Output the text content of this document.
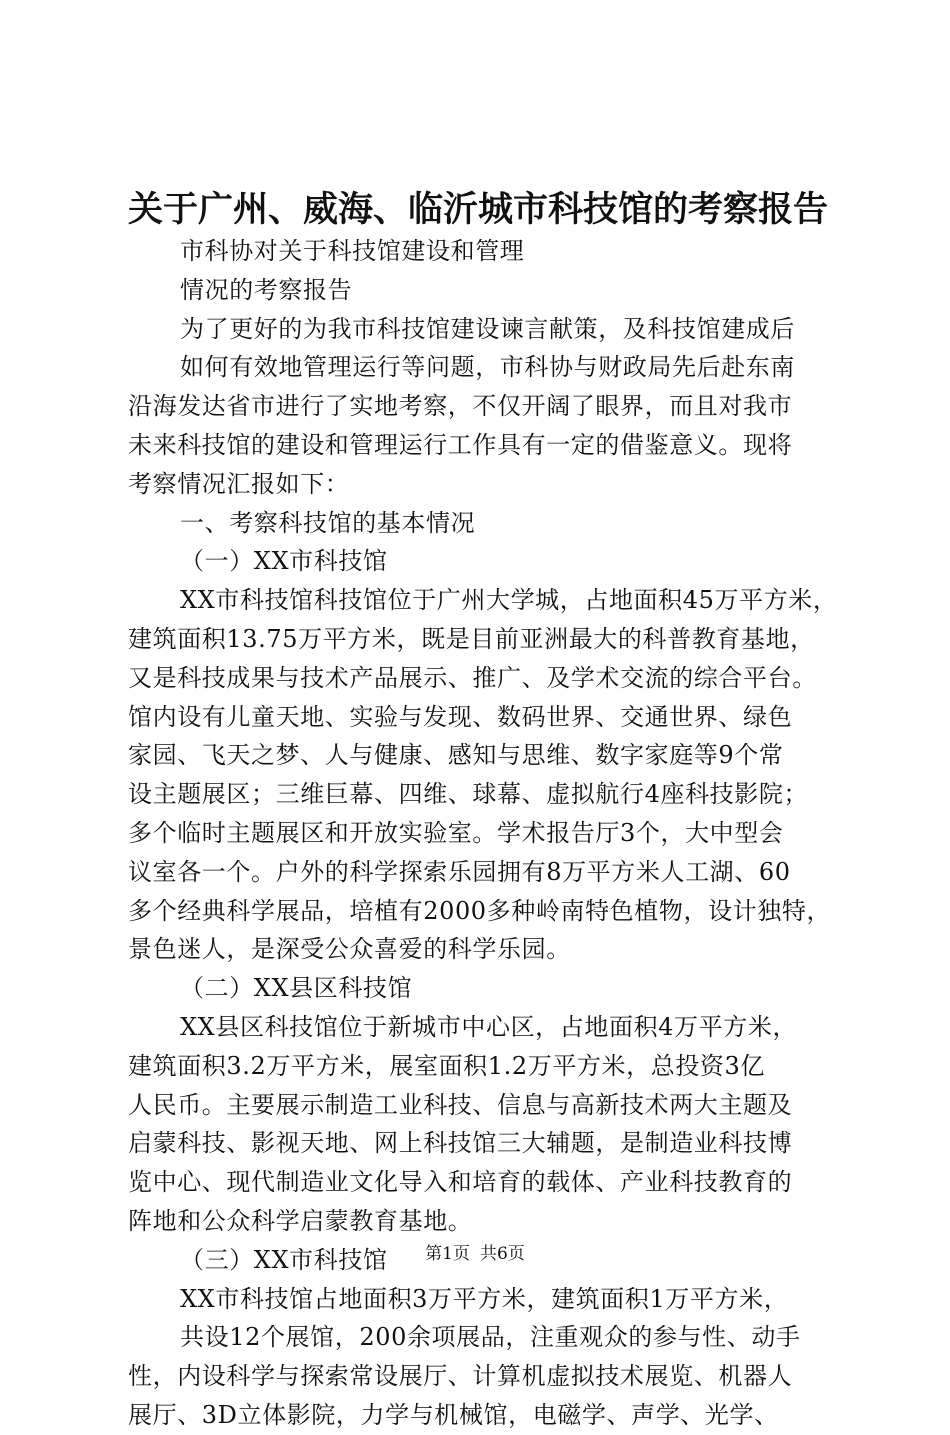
关于广州、威海、临沂城市科技馆的考察报告
市科协对关于科技馆建设和管理
情况的考察报告
为了更好的为我市科技馆建设谏言献策，及科技馆建成后
如何有效地管理运行等问题，市科协与财政局先后赴东南
沿海发达省市进行了实地考察，不仅开阔了眼界，而且对我市
未来科技馆的建设和管理运行工作具有一定的借鉴意义。现将
考察情况汇报如下：
一、考察科技馆的基本情况
（一）XX市科技馆
XX市科技馆科技馆位于广州大学城，占地面积45万平方米，
建筑面积13.75万平方米，既是目前亚洲最大的科普教育基地，
又是科技成果与技术产品展示、推广、及学术交流的综合平台。
馆内设有儿童天地、实验与发现、数码世界、交通世界、绿色
家园、飞天之梦、人与健康、感知与思维、数字家庭等9个常
设主题展区；三维巨幕、四维、球幕、虚拟航行4座科技影院；
多个临时主题展区和开放实验室。学术报告厅3个，大中型会
议室各一个。户外的科学探索乐园拥有8万平方米人工湖、60
多个经典科学展品，培植有2000多种岭南特色植物，设计独特，
景色迷人，是深受公众喜爱的科学乐园。
（二）XX县区科技馆
XX县区科技馆位于新城市中心区，占地面积4万平方米，
建筑面积3.2万平方米，展室面积1.2万平方米，总投资3亿
人民币。主要展示制造工业科技、信息与高新技术两大主题及
启蒙科技、影视天地、网上科技馆三大辅题，是制造业科技博
览中心、现代制造业文化导入和培育的载体、产业科技教育的
阵地和公众科学启蒙教育基地。
（三）XX市科技馆
XX市科技馆占地面积3万平方米，建筑面积1万平方米，
共设12个展馆，200余项展品，注重观众的参与性、动手
性，内设科学与探索常设展厅、计算机虚拟技术展览、机器人
展厅、3D立体影院，力学与机械馆，电磁学、声学、光学、
第1页 共6页
